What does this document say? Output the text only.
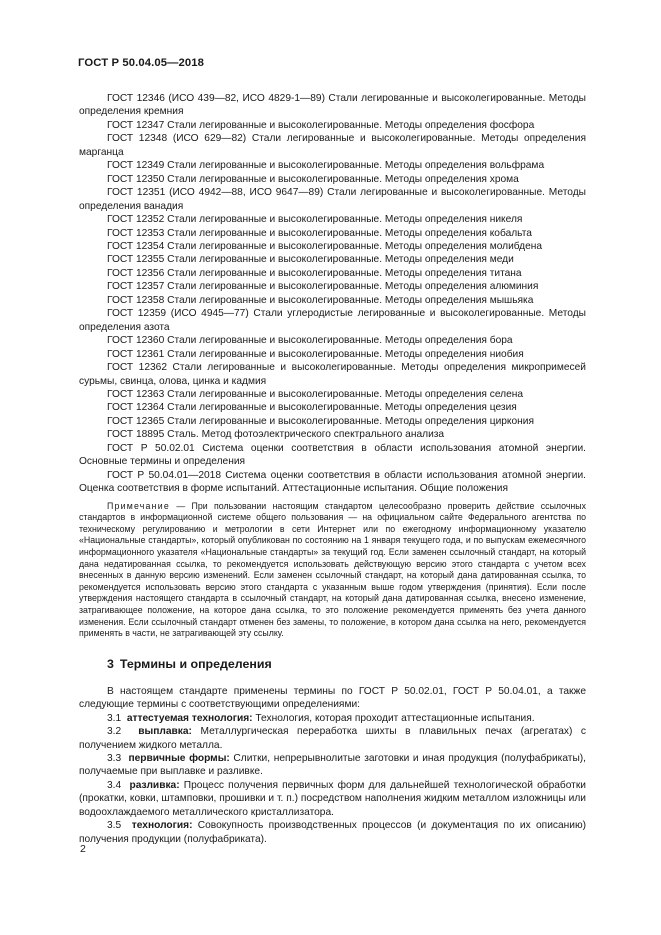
ГОСТ Р 50.04.05—2018

ГОСТ 12346 (ИСО 439—82, ИСО 4829-1—89) Стали легированные и высоколегированные. Методы определения кремния

ГОСТ 12347 Стали легированные и высоколегированные. Методы определения фосфора

ГОСТ 12348 (ИСО 629—82) Стали легированные и высоколегированные. Методы определения марганца

ГОСТ 12349 Стали легированные и высоколегированные. Методы определения вольфрама

ГОСТ 12350 Стали легированные и высоколегированные. Методы определения хрома

ГОСТ 12351 (ИСО 4942—88, ИСО 9647—89) Стали легированные и высоколегированные. Методы определения ванадия

ГОСТ 12352 Стали легированные и высоколегированные. Методы определения никеля

ГОСТ 12353 Стали легированные и высоколегированные. Методы определения кобальта

ГОСТ 12354 Стали легированные и высоколегированные. Методы определения молибдена

ГОСТ 12355 Стали легированные и высоколегированные. Методы определения меди

ГОСТ 12356 Стали легированные и высоколегированные. Методы определения титана

ГОСТ 12357 Стали легированные и высоколегированные. Методы определения алюминия

ГОСТ 12358 Стали легированные и высоколегированные. Методы определения мышьяка

ГОСТ 12359 (ИСО 4945—77) Стали углеродистые легированные и высоколегированные. Методы определения азота

ГОСТ 12360 Стали легированные и высоколегированные. Методы определения бора

ГОСТ 12361 Стали легированные и высоколегированные. Методы определения ниобия

ГОСТ 12362 Стали легированные и высоколегированные. Методы определения микропримесей сурьмы, свинца, олова, цинка и кадмия

ГОСТ 12363 Стали легированные и высоколегированные. Методы определения селена

ГОСТ 12364 Стали легированные и высоколегированные. Методы определения цезия

ГОСТ 12365 Стали легированные и высоколегированные. Методы определения циркония

ГОСТ 18895 Сталь. Метод фотоэлектрического спектрального анализа

ГОСТ Р 50.02.01 Система оценки соответствия в области использования атомной энергии. Основные термины и определения

ГОСТ Р 50.04.01—2018 Система оценки соответствия в области использования атомной энергии. Оценка соответствия в форме испытаний. Аттестационные испытания. Общие положения

Примечание — При пользовании настоящим стандартом целесообразно проверить действие ссылочных стандартов в информационной системе общего пользования — на официальном сайте Федерального агентства по техническому регулированию и метрологии в сети Интернет или по ежегодному информационному указателю «Национальные стандарты», который опубликован по состоянию на 1 января текущего года, и по выпускам ежемесячного информационного указателя «Национальные стандарты» за текущий год. Если заменен ссылочный стандарт, на который дана недатированная ссылка, то рекомендуется использовать действующую версию этого стандарта с учетом всех внесенных в данную версию изменений. Если заменен ссылочный стандарт, на который дана датированная ссылка, то рекомендуется использовать версию этого стандарта с указанным выше годом утверждения (принятия). Если после утверждения настоящего стандарта в ссылочный стандарт, на который дана датированная ссылка, внесено изменение, затрагивающее положение, на которое дана ссылка, то это положение рекомендуется применять без учета данного изменения. Если ссылочный стандарт отменен без замены, то положение, в котором дана ссылка на него, рекомендуется применять в части, не затрагивающей эту ссылку.

3 Термины и определения

В настоящем стандарте применены термины по ГОСТ Р 50.02.01, ГОСТ Р 50.04.01, а также следующие термины с соответствующими определениями:

3.1 аттестуемая технология: Технология, которая проходит аттестационные испытания.

3.2 выплавка: Металлургическая переработка шихты в плавильных печах (агрегатах) с получением жидкого металла.

3.3 первичные формы: Слитки, непрерывнолитые заготовки и иная продукция (полуфабрикаты), получаемые при выплавке и разливке.

3.4 разливка: Процесс получения первичных форм для дальнейшей технологической обработки (прокатки, ковки, штамповки, прошивки и т. п.) посредством наполнения жидким металлом изложницы или водоохлаждаемого металлического кристаллизатора.

3.5 технология: Совокупность производственных процессов (и документация по их описанию) получения продукции (полуфабриката).

2
